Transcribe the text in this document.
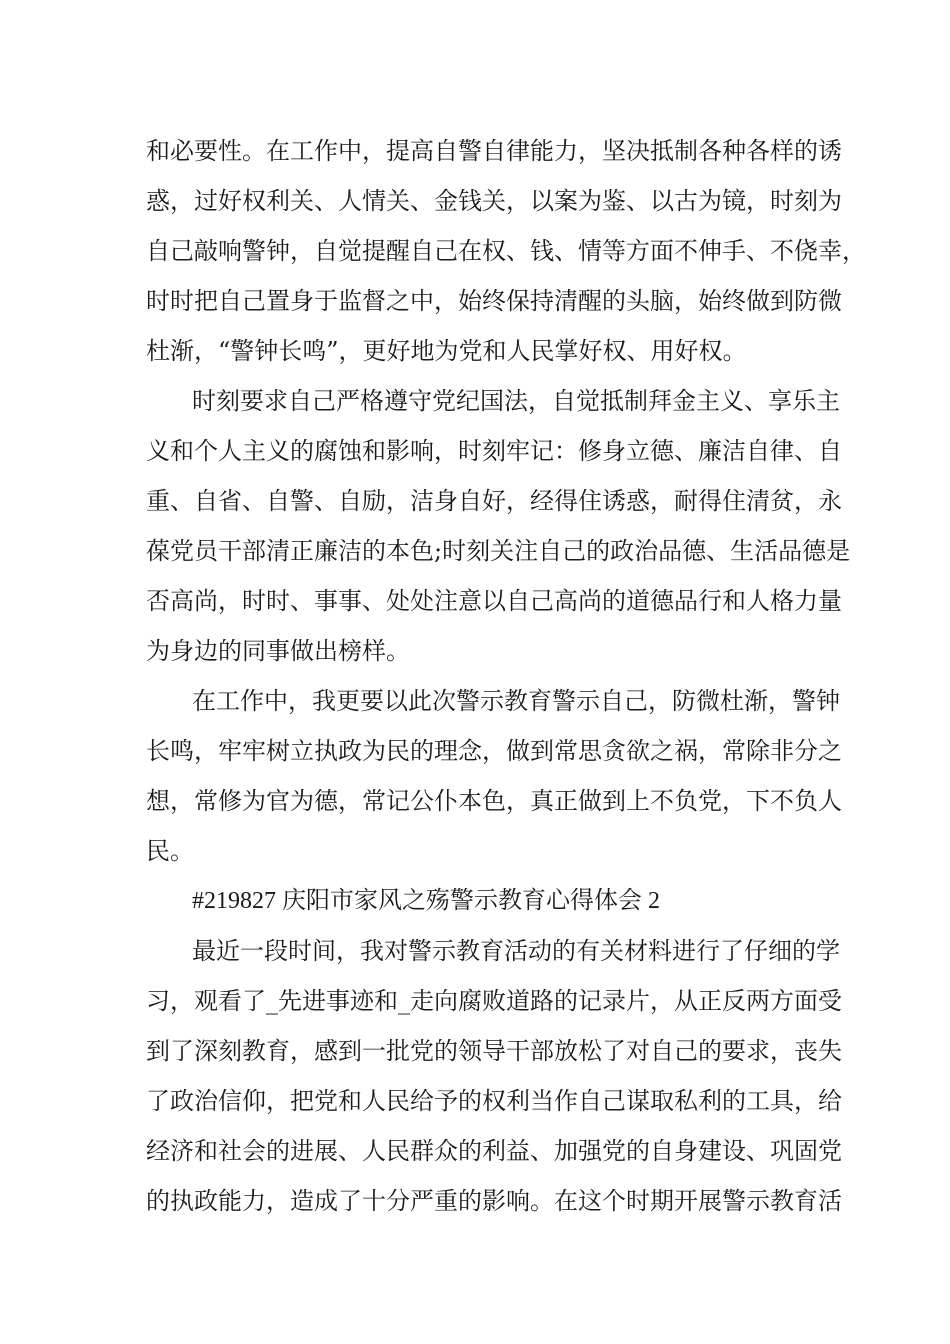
和必要性。在工作中，提高自警自律能力，坚决抵制各种各样的诱
惑，过好权利关、人情关、金钱关，以案为鉴、以古为镜，时刻为
自己敲响警钟，自觉提醒自己在权、钱、情等方面不伸手、不侥幸，
时时把自己置身于监督之中，始终保持清醒的头脑，始终做到防微
杜渐，“警钟长鸣”，更好地为党和人民掌好权、用好权。
时刻要求自己严格遵守党纪国法，自觉抵制拜金主义、享乐主
义和个人主义的腐蚀和影响，时刻牢记：修身立德、廉洁自律、自
重、自省、自警、自励，洁身自好，经得住诱惑，耐得住清贫，永
葆党员干部清正廉洁的本色;时刻关注自己的政治品德、生活品德是
否高尚，时时、事事、处处注意以自己高尚的道德品行和人格力量
为身边的同事做出榜样。
在工作中，我更要以此次警示教育警示自己，防微杜渐，警钟
长鸣，牢牢树立执政为民的理念，做到常思贪欲之祸，常除非分之
想，常修为官为德，常记公仆本色，真正做到上不负党，下不负人
民。
#219827 庆阳市家风之殇警示教育心得体会 2
最近一段时间，我对警示教育活动的有关材料进行了仔细的学
习，观看了_先进事迹和_走向腐败道路的记录片，从正反两方面受
到了深刻教育，感到一批党的领导干部放松了对自己的要求，丧失
了政治信仰，把党和人民给予的权利当作自己谋取私利的工具，给
经济和社会的进展、人民群众的利益、加强党的自身建设、巩固党
的执政能力，造成了十分严重的影响。在这个时期开展警示教育活
